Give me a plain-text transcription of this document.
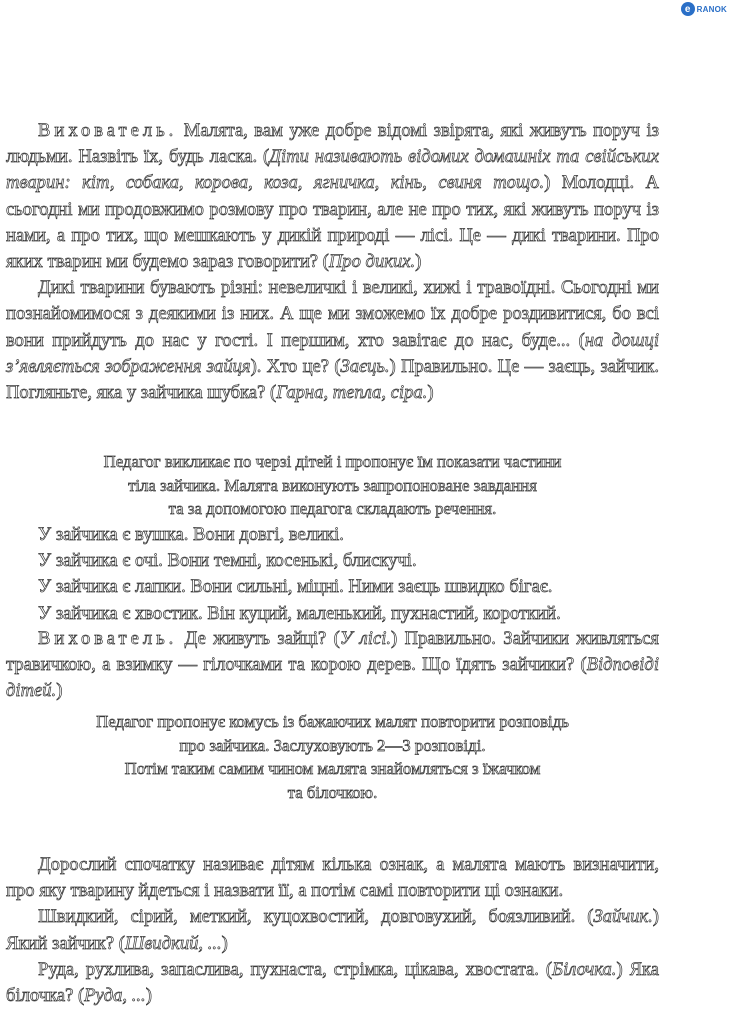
e RANOK

Вихователь. Малята, вам уже добре відомі звірята, які живуть поруч із людьми. Назвіть їх, будь ласка. (Діти називають відомих домашніх та свійських тварин: кіт, собака, корова, коза, ягничка, кінь, свиня тощо.) Молодці. А сьогодні ми продовжимо розмову про тварин, але не про тих, які живуть поруч із нами, а про тих, що мешкають у дикій природі — лісі. Це — дикі тварини. Про яких тварин ми будемо зараз говорити? (Про диких.)

Дикі тварини бувають різні: невеличкі і великі, хижі і травоїдні. Сьогодні ми познайомимося з деякими із них. А ще ми зможемо їх добре роздивитися, бо всі вони прийдуть до нас у гості. І першим, хто завітає до нас, буде... (на дошці з’являється зображення зайця). Хто це? (Заєць.) Правильно. Це — заєць, зайчик. Погляньте, яка у зайчика шубка? (Гарна, тепла, сіра.)

Педагог викликає по черзі дітей і пропонує їм показати частини

тіла зайчика. Малята виконують запропоноване завдання

та за допомогою педагога складають речення.

У зайчика є вушка. Вони довгі, великі.

У зайчика є очі. Вони темні, косенькі, блискучі.

У зайчика є лапки. Вони сильні, міцні. Ними заєць швидко бігає.

У зайчика є хвостик. Він куций, маленький, пухнастий, короткий.

Вихователь. Де живуть зайці? (У лісі.) Правильно. Зайчики живляться травичкою, а взимку — гілочками та корою дерев. Що їдять зайчики? (Відповіді дітей.)

Педагог пропонує комусь із бажаючих малят повторити розповідь

про зайчика. Заслуховують 2—3 розповіді.

Потім таким самим чином малята знайомляться з їжачком

та білочкою.

Дорослий спочатку називає дітям кілька ознак, а малята мають визначити, про яку тварину йдеться і назвати її, а потім самі повторити ці ознаки.

Швидкий, сірий, меткий, куцохвостий, довговухий, боязливий. (Зайчик.) Який зайчик? (Швидкий, ...)

Руда, рухлива, запаслива, пухнаста, стрімка, цікава, хвостата. (Білочка.) Яка білочка? (Руда, ...)
